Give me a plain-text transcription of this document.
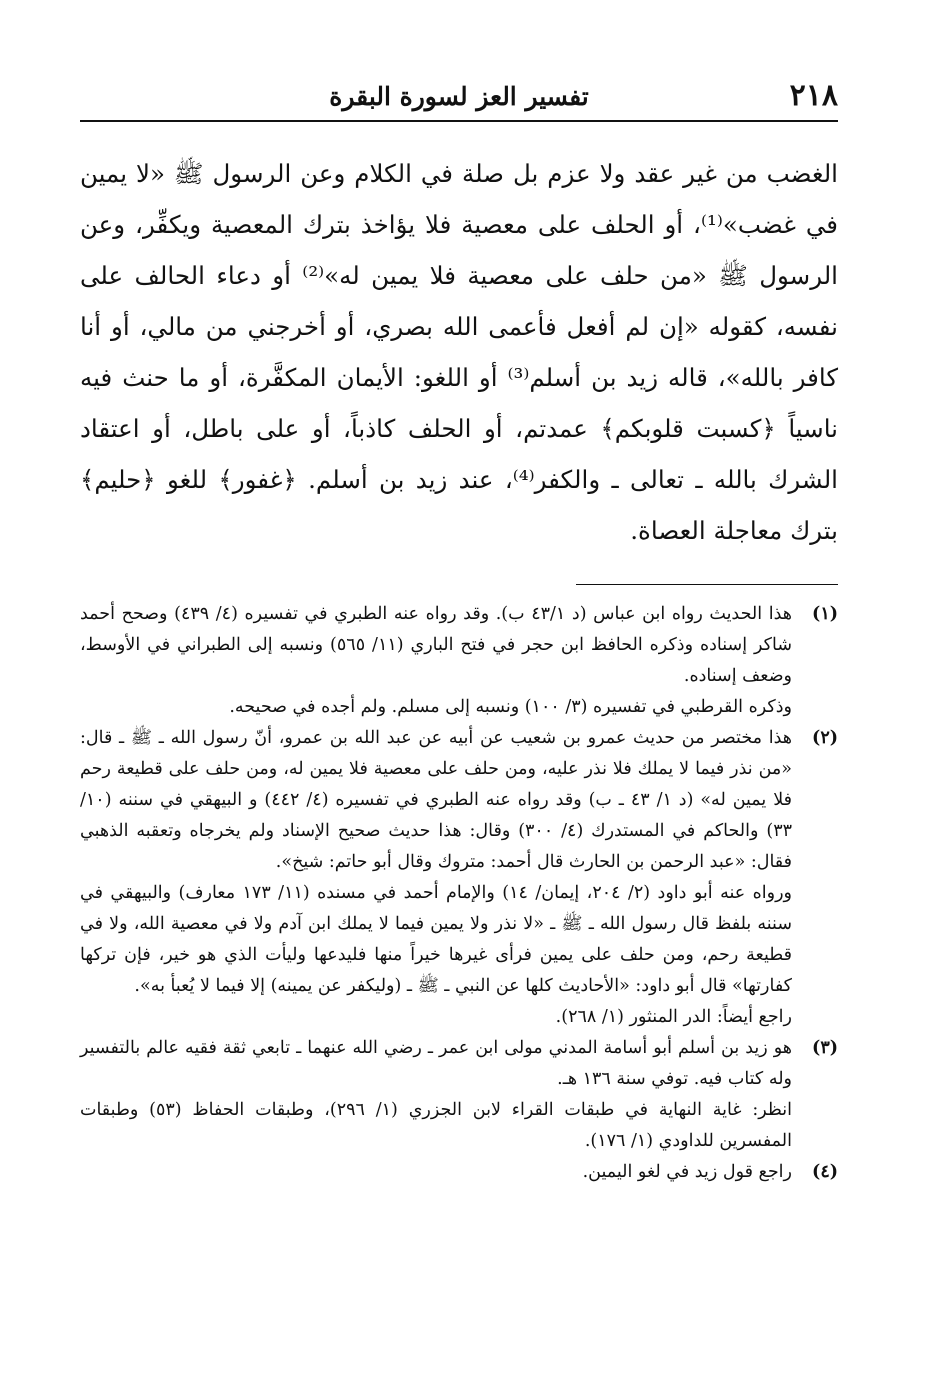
٢١٨
تفسير العز لسورة البقرة

الغضب من غير عقد ولا عزم بل صلة في الكلام وعن الرسول ﷺ «لا يمين في غضب»⁽¹⁾، أو الحلف على معصية فلا يؤاخذ بترك المعصية ويكفِّر، وعن الرسول ﷺ «من حلف على معصية فلا يمين له»⁽²⁾ أو دعاء الحالف على نفسه، كقوله «إن لم أفعل فأعمى الله بصري، أو أخرجني من مالي، أو أنا كافر بالله»، قاله زيد بن أسلم⁽³⁾ أو اللغو: الأيمان المكفَّرة، أو ما حنث فيه ناسياً ﴿كسبت قلوبكم﴾ عمدتم، أو الحلف كاذباً، أو على باطل، أو اعتقاد الشرك بالله ـ تعالى ـ والكفر⁽⁴⁾، عند زيد بن أسلم. ﴿غفور﴾ للغو ﴿حليم﴾ بترك معاجلة العصاة.

(١)

هذا الحديث رواه ابن عباس (د ٤٣/١ ب). وقد رواه عنه الطبري في تفسيره (٤/ ٤٣٩) وصحح أحمد شاكر إسناده وذكره الحافظ ابن حجر في فتح الباري (١١/ ٥٦٥) ونسبه إلى الطبراني في الأوسط، وضعف إسناده.

وذكره القرطبي في تفسيره (٣/ ١٠٠) ونسبه إلى مسلم. ولم أجده في صحيحه.

(٢)

هذا مختصر من حديث عمرو بن شعيب عن أبيه عن عبد الله بن عمرو، أنّ رسول الله ـ ﷺ ـ قال: «من نذر فيما لا يملك فلا نذر عليه، ومن حلف على معصية فلا يمين له، ومن حلف على قطيعة رحم فلا يمين له» (د ١/ ٤٣ ـ ب) وقد رواه عنه الطبري في تفسيره (٤/ ٤٤٢) و البيهقي في سننه (١٠/ ٣٣) والحاكم في المستدرك (٤/ ٣٠٠) وقال: هذا حديث صحيح الإسناد ولم يخرجاه وتعقبه الذهبي فقال: «عبد الرحمن بن الحارث قال أحمد: متروك وقال أبو حاتم: شيخ».

ورواه عنه أبو داود (٢/ ٢٠٤، إيمان/ ١٤) والإمام أحمد في مسنده (١١/ ١٧٣ معارف) والبيهقي في سننه بلفظ قال رسول الله ـ ﷺ ـ «لا نذر ولا يمين فيما لا يملك ابن آدم ولا في معصية الله، ولا في قطيعة رحم، ومن حلف على يمين فرأى غيرها خيراً منها فليدعها وليأت الذي هو خير، فإن تركها كفارتها» قال أبو داود: «الأحاديث كلها عن النبي ـ ﷺ ـ (وليكفر عن يمينه) إلا فيما لا يُعبأ به».

راجع أيضاً: الدر المنثور (١/ ٢٦٨).

(٣)

هو زيد بن أسلم أبو أسامة المدني مولى ابن عمر ـ رضي الله عنهما ـ تابعي ثقة فقيه عالم بالتفسير وله كتاب فيه. توفي سنة ١٣٦ هـ.

انظر: غاية النهاية في طبقات القراء لابن الجزري (١/ ٢٩٦)، وطبقات الحفاظ (٥٣) وطبقات المفسرين للداودي (١/ ١٧٦).

(٤)

راجع قول زيد في لغو اليمين.
